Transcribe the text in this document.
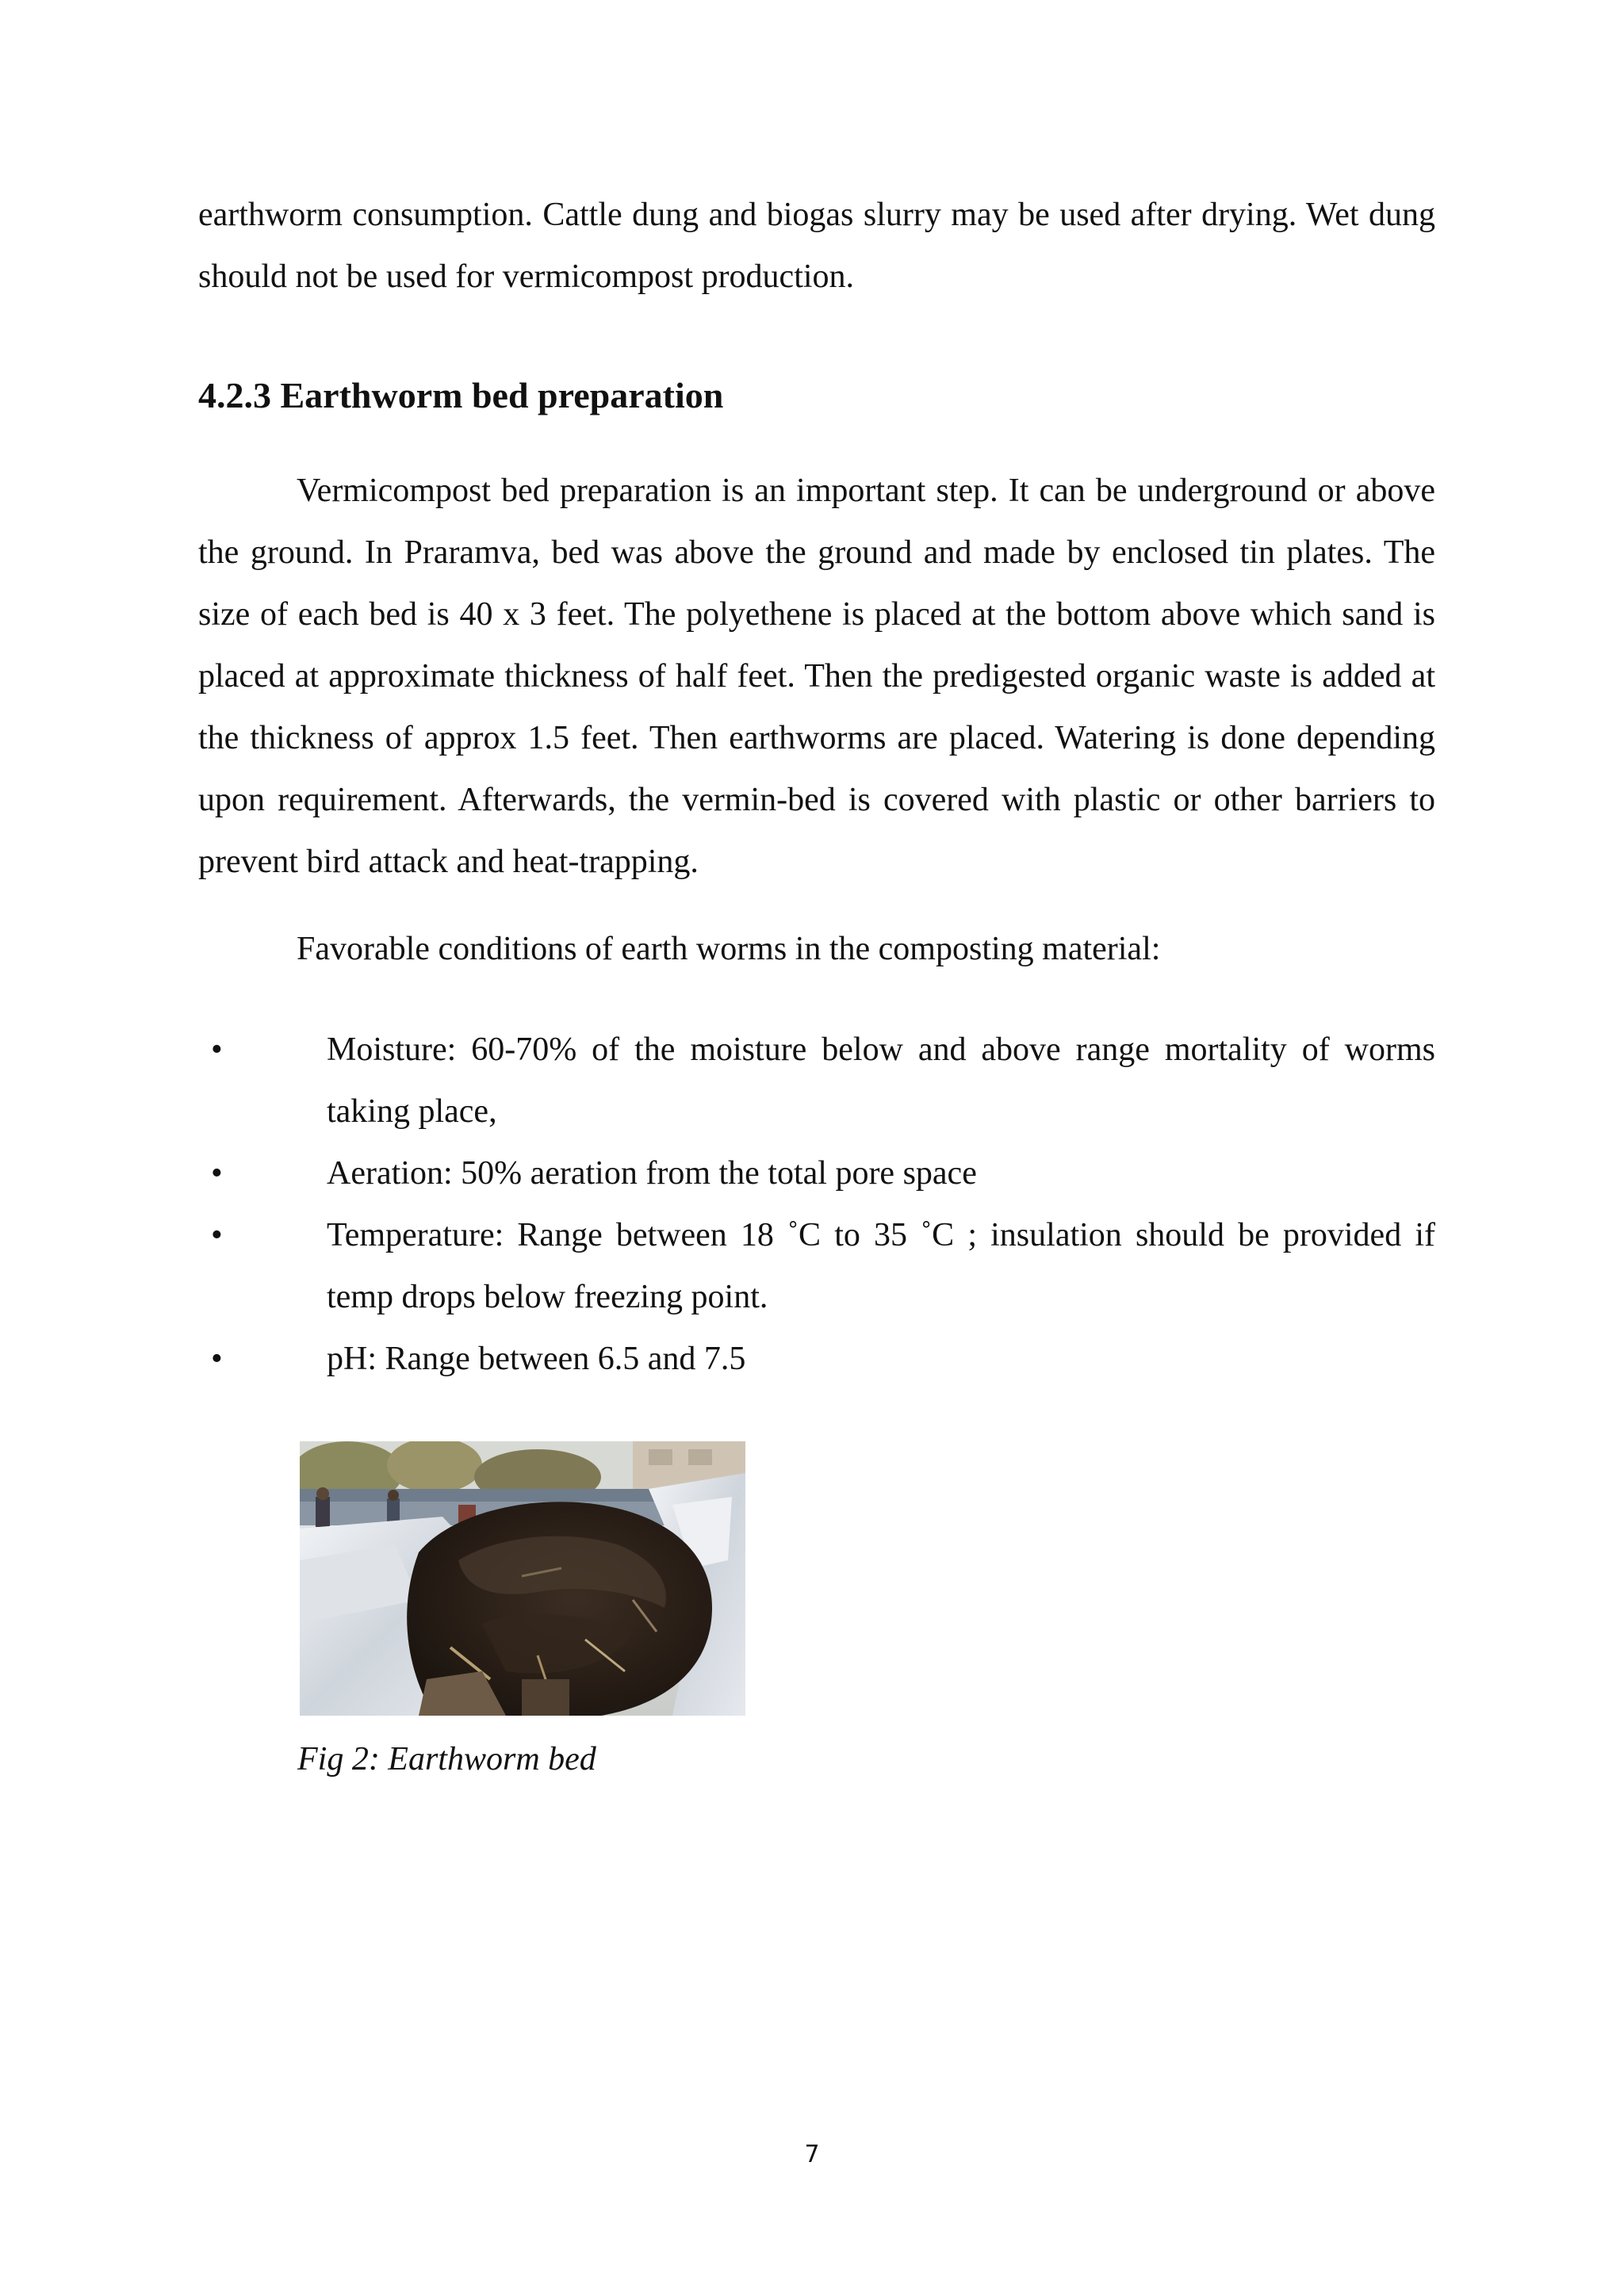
earthworm consumption. Cattle dung and biogas slurry may be used after drying. Wet dung should not be used for vermicompost production.

4.2.3 Earthworm bed preparation

Vermicompost bed preparation is an important step. It can be underground or above the ground. In Praramva, bed was above the ground and made by enclosed tin plates. The size of each bed is 40 x 3 feet. The polyethene is placed at the bottom above which sand is placed at approximate thickness of half feet. Then the predigested organic waste is added at the thickness of approx 1.5 feet. Then earthworms are placed. Watering is done depending upon requirement. Afterwards, the vermin-bed is covered with plastic or other barriers to prevent bird attack and heat-trapping.

Favorable conditions of earth worms in the composting material:

•	Moisture: 60-70% of the moisture below and above range mortality of worms taking place,
•	Aeration: 50% aeration from the total pore space
•	Temperature: Range between 18 ˚C to 35 ˚C ; insulation should be provided if temp drops below freezing point.
•	pH: Range between 6.5 and 7.5

Fig 2: Earthworm bed

7
